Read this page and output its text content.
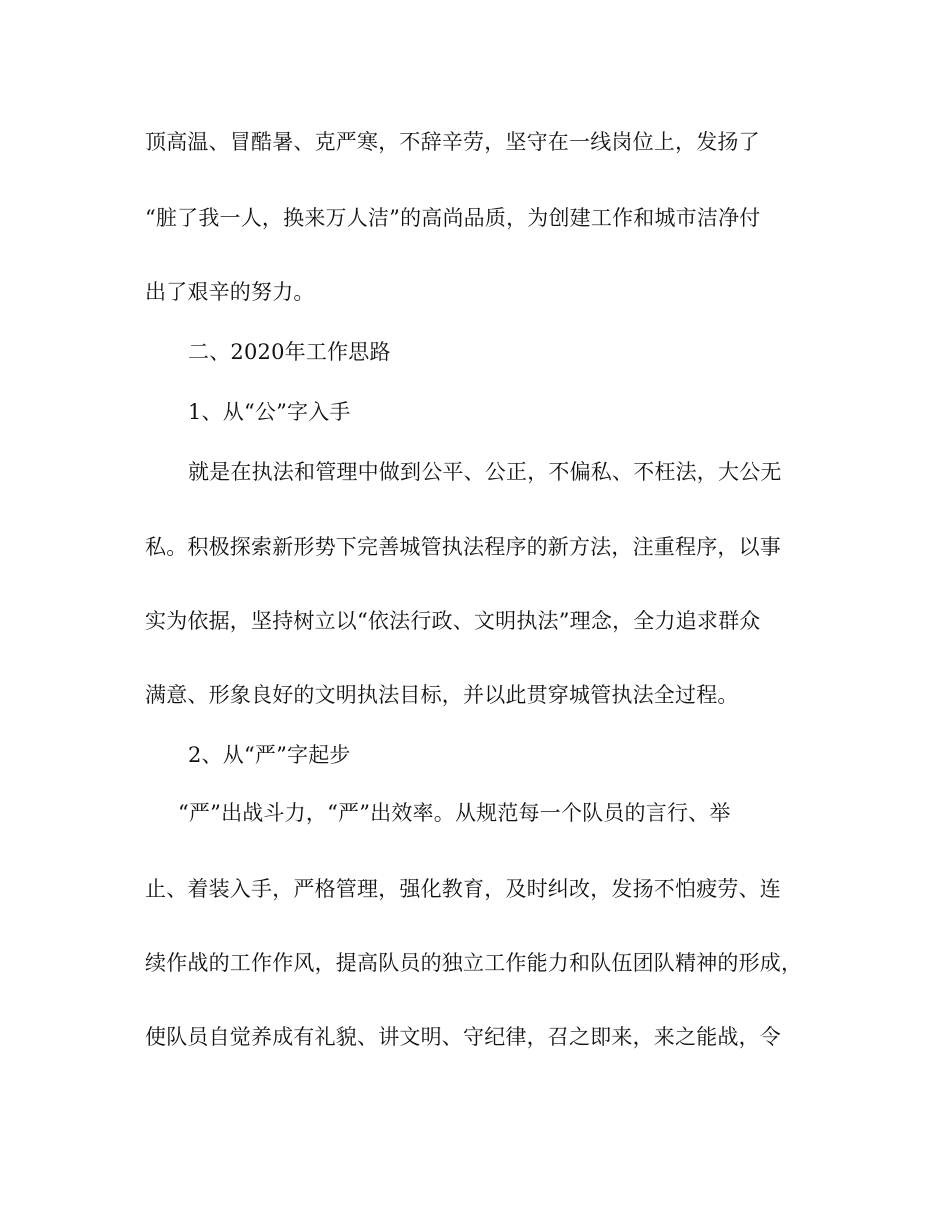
顶高温、冒酷暑、克严寒，不辞辛劳，坚守在一线岗位上，发扬了
“脏了我一人，换来万人洁”的高尚品质，为创建工作和城市洁净付
出了艰辛的努力。
二、2020年工作思路
1、从“公”字入手
就是在执法和管理中做到公平、公正，不偏私、不枉法，大公无
私。积极探索新形势下完善城管执法程序的新方法，注重程序，以事
实为依据，坚持树立以“依法行政、文明执法”理念，全力追求群众
满意、形象良好的文明执法目标，并以此贯穿城管执法全过程。
2、从“严”字起步
“严”出战斗力，“严”出效率。从规范每一个队员的言行、举
止、着装入手，严格管理，强化教育，及时纠改，发扬不怕疲劳、连
续作战的工作作风，提高队员的独立工作能力和队伍团队精神的形成，
使队员自觉养成有礼貌、讲文明、守纪律，召之即来，来之能战，令
